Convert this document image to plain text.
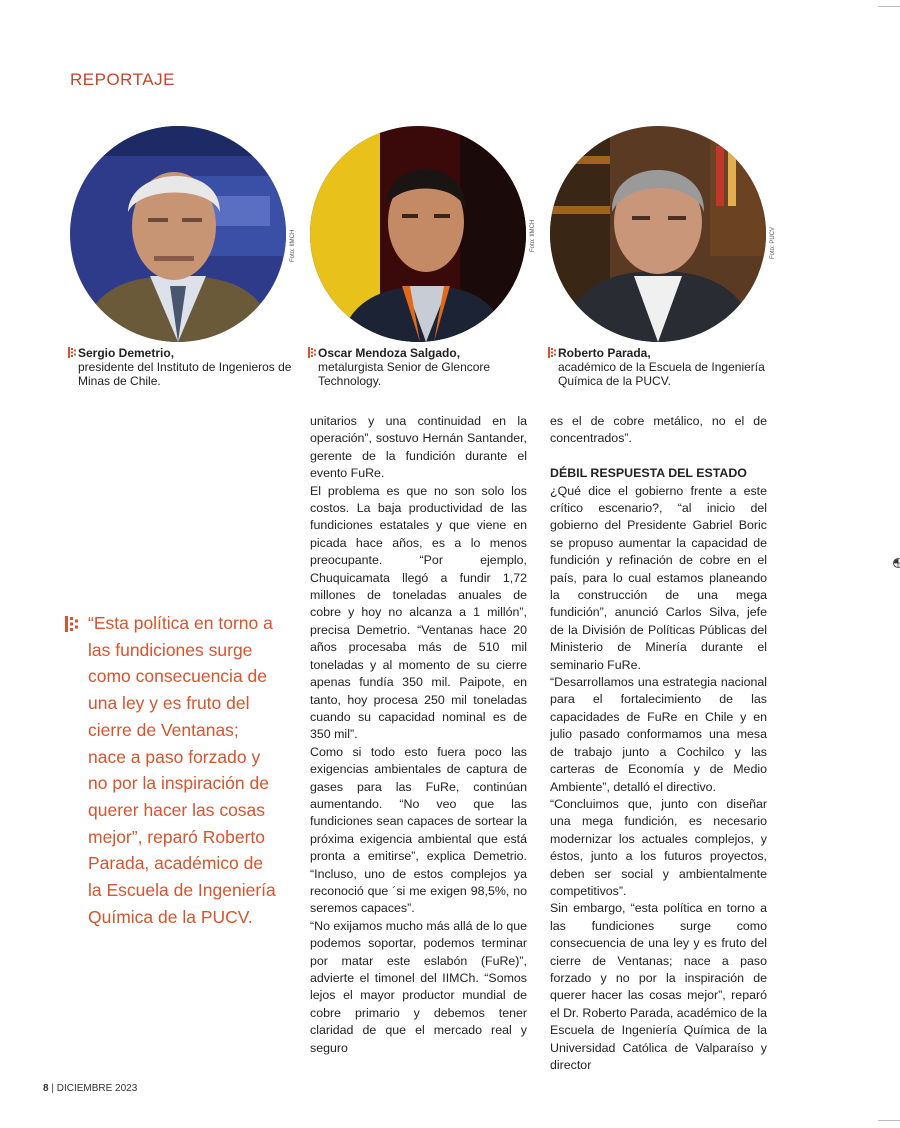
REPORTAJE
Foto: IIMCH	Foto: IIMCH	Foto: PUCV
Sergio Demetrio,
presidente del Instituto de Ingenieros de Minas de Chile.
Oscar Mendoza Salgado,
metalurgista Senior de Glencore Technology.
Roberto Parada,
académico de la Escuela de Ingeniería Química de la PUCV.
“Esta política en torno a las fundiciones surge como consecuencia de una ley y es fruto del cierre de Ventanas; nace a paso forzado y no por la inspiración de querer hacer las cosas mejor”, reparó Roberto Parada, académico de la Escuela de Ingeniería Química de la PUCV.

unitarios y una continuidad en la operación”, sostuvo Hernán Santander, gerente de la fundición durante el evento FuRe.

El problema es que no son solo los costos. La baja productividad de las fundiciones estatales y que viene en picada hace años, es a lo menos preocupante. “Por ejemplo, Chuquicamata llegó a fundir 1,72 millones de toneladas anuales de cobre y hoy no alcanza a 1 millón”, precisa Demetrio. “Ventanas hace 20 años procesaba más de 510 mil toneladas y al momento de su cierre apenas fundía 350 mil. Paipote, en tanto, hoy procesa 250 mil toneladas cuando su capacidad nominal es de 350 mil”.

Como si todo esto fuera poco las exigencias ambientales de captura de gases para las FuRe, continúan aumentando. “No veo que las fundiciones sean capaces de sortear la próxima exigencia ambiental que está pronta a emitirse”, explica Demetrio. “Incluso, uno de estos complejos ya reconoció que ´si me exigen 98,5%, no seremos capaces”.

“No exijamos mucho más allá de lo que podemos soportar, podemos terminar por matar este eslabón (FuRe)”, advierte el timonel del IIMCh. “Somos lejos el mayor productor mundial de cobre primario y debemos tener claridad de que el mercado real y seguro

es el de cobre metálico, no el de concentrados”.

DÉBIL RESPUESTA DEL ESTADO

¿Qué dice el gobierno frente a este crítico escenario?, “al inicio del gobierno del Presidente Gabriel Boric se propuso aumentar la capacidad de fundición y refinación de cobre en el país, para lo cual estamos planeando la construcción de una mega fundición”, anunció Carlos Silva, jefe de la División de Políticas Públicas del Ministerio de Minería durante el seminario FuRe.

“Desarrollamos una estrategia nacional para el fortalecimiento de las capacidades de FuRe en Chile y en julio pasado conformamos una mesa de trabajo junto a Cochilco y las carteras de Economía y de Medio Ambiente”, detalló el directivo.

“Concluimos que, junto con diseñar una mega fundición, es necesario modernizar los actuales complejos, y éstos, junto a los futuros proyectos, deben ser social y ambientalmente competitivos”.

Sin embargo, “esta política en torno a las fundiciones surge como consecuencia de una ley y es fruto del cierre de Ventanas; nace a paso forzado y no por la inspiración de querer hacer las cosas mejor”, reparó el Dr. Roberto Parada, académico de la Escuela de Ingeniería Química de la Universidad Católica de Valparaíso y director

8 | DICIEMBRE 2023
